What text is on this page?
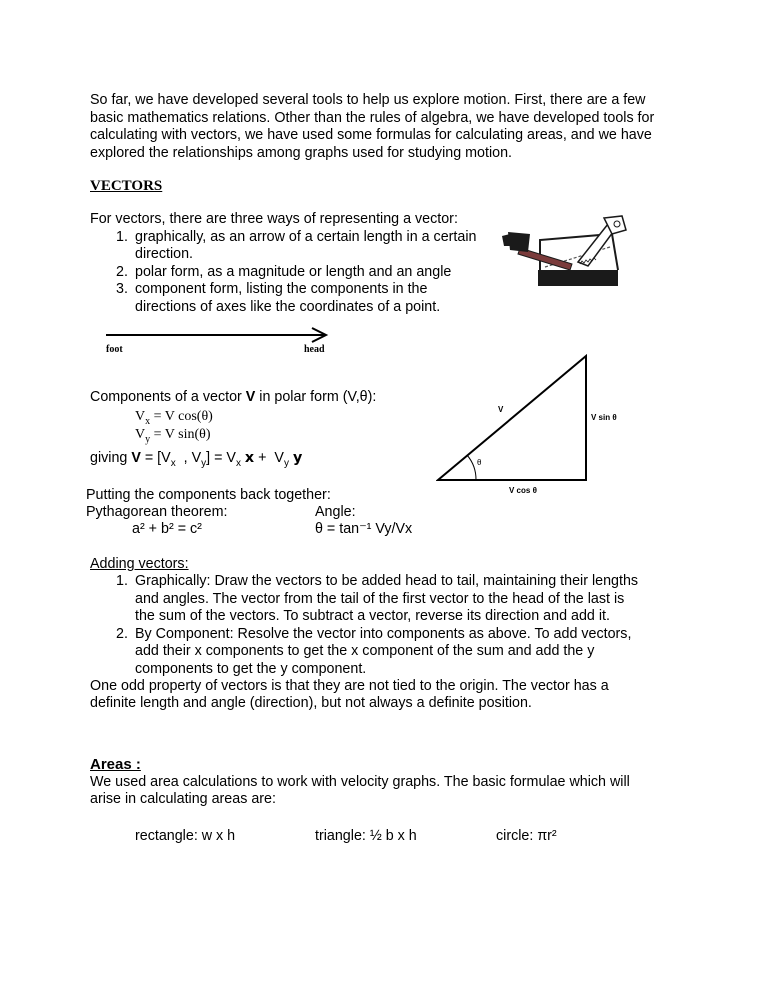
So far, we have developed several tools to help us explore motion. First, there are a few basic mathematics relations. Other than the rules of algebra, we have developed tools for calculating with vectors, we have used some formulas for calculating areas, and we have explored the relationships among graphs used for studying motion.
VECTORS
For vectors, there are three ways of representing a vector:
1. graphically, as an arrow of a certain length in a certain
direction.
2. polar form, as a magnitude or length and an angle
3. component form, listing the components in the
directions of axes like the coordinates of a point.
foot	head
Components of a vector V in polar form (V,θ):
$V_x = V$ cos(θ)
$V_y = V$ sin(θ)
giving $V = [V_x$  , $V_y] = V_x$ $x + V_y$ y
V
V sin θ
V cos θ
θ
Putting the components back together:
Pythagorean theorem:	Angle:
a² + b² = c²	θ = tan⁻¹ Vy/Vx
Adding vectors:
1. Graphically: Draw the vectors to be added head to tail, maintaining their lengths
and angles. The vector from the tail of the first vector to the head of the last is
the sum of the vectors. To subtract a vector, reverse its direction and add it.
2. By Component: Resolve the vector into components as above. To add vectors,
add their x components to get the x component of the sum and add the y
components to get the y component.
One odd property of vectors is that they are not tied to the origin. The vector has a
definite length and angle (direction), but not always a definite position.
Areas :
We used area calculations to work with velocity graphs. The basic formulae which will
arise in calculating areas are:
rectangle: w x h	triangle: ½ b x h	circle: πr²
